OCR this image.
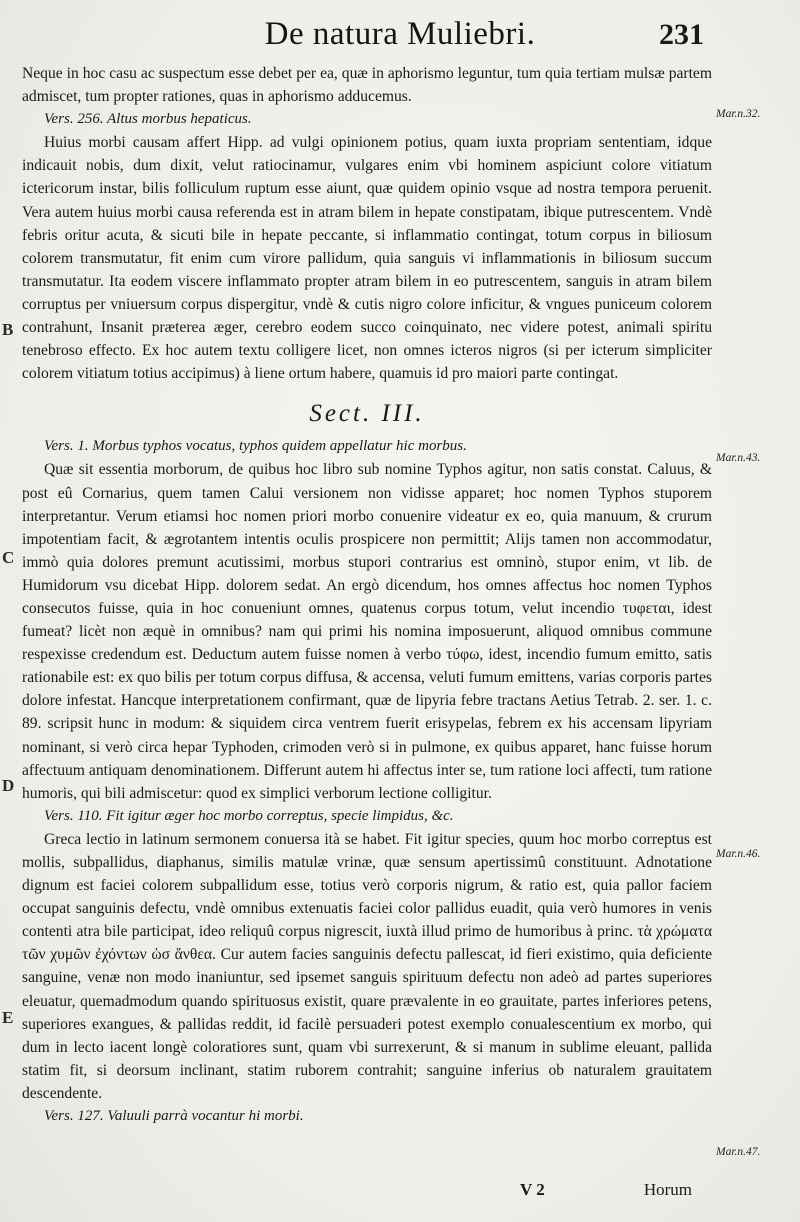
De natura Muliebri.	231

Neque in hoc casu ac suspectum esse debet per ea, quæ in aphorismo leguntur, tum quia tertiam mulsæ partem admiscet, tum propter rationes, quas in aphorismo adducemus.

Vers. 256. Altus morbus hepaticus.

Huius morbi causam affert Hipp. ad vulgi opinionem potius, quam iuxta propriam sententiam, idque indicauit nobis, dum dixit, velut ratiocinamur, vulgares enim vbi hominem aspiciunt colore vitiatum ictericorum instar, bilis folliculum ruptum esse aiunt, quæ quidem opinio vsque ad nostra tempora peruenit. Vera autem huius morbi causa referenda est in atram bilem in hepate constipatam, ibique putrescentem. Vndè febris oritur acuta, & sicuti bile in hepate peccante, si inflammatio contingat, totum corpus in biliosum colorem transmutatur, fit enim cum virore pallidum, quia sanguis vi inflammationis in biliosum succum transmutatur. Ita eodem viscere inflammato propter atram bilem in eo putrescentem, sanguis in atram bilem corruptus per vniuersum corpus dispergitur, vndè & cutis nigro colore inficitur, & vngues puniceum colorem contrahunt, Insanit præterea æger, cerebro eodem succo coinquinato, nec videre potest, animali spiritu tenebroso effecto. Ex hoc autem textu colligere licet, non omnes icteros nigros (si per icterum simpliciter colorem vitiatum totius accipimus) à liene ortum habere, quamuis id pro maiori parte contingat.

Sect. III.

Vers. 1. Morbus typhos vocatus, typhos quidem appellatur hic morbus.

Quæ sit essentia morborum, de quibus hoc libro sub nomine Typhos agitur, non satis constat. Caluus, & post eû Cornarius, quem tamen Calui versionem non vidisse apparet; hoc nomen Typhos stuporem interpretantur. Verum etiamsi hoc nomen priori morbo conuenire videatur ex eo, quia manuum, & crurum impotentiam facit, & ægrotantem intentis oculis prospicere non permittit; Alijs tamen non accommodatur, immò quia dolores premunt acutissimi, morbus stupori contrarius est omninò, stupor enim, vt lib. de Humidorum vsu dicebat Hipp. dolorem sedat. An ergò dicendum, hos omnes affectus hoc nomen Typhos consecutos fuisse, quia in hoc conueniunt omnes, quatenus corpus totum, velut incendio τυφεται, idest fumeat? licèt non æquè in omnibus? nam qui primi his nomina imposuerunt, aliquod omnibus commune respexisse credendum est. Deductum autem fuisse nomen à verbo τύφω, idest, incendio fumum emitto, satis rationabile est: ex quo bilis per totum corpus diffusa, & accensa, veluti fumum emittens, varias corporis partes dolore infestat. Hancque interpretationem confirmant, quæ de lipyria febre tractans Aetius Tetrab. 2. ser. 1. c. 89. scripsit hunc in modum: & siquidem circa ventrem fuerit erisypelas, febrem ex his accensam lipyriam nominant, si verò circa hepar Typhoden, crimoden verò si in pulmone, ex quibus apparet, hanc fuisse horum affectuum antiquam denominationem. Differunt autem hi affectus inter se, tum ratione loci affecti, tum ratione humoris, qui bili admiscetur: quod ex simplici verborum lectione colligitur.

Vers. 110. Fit igitur æger hoc morbo correptus, specie limpidus, &c.

Greca lectio in latinum sermonem conuersa ità se habet. Fit igitur species, quum hoc morbo correptus est mollis, subpallidus, diaphanus, similis matulæ vrinæ, quæ sensum apertissimû constituunt. Adnotatione dignum est faciei colorem subpallidum esse, totius verò corporis nigrum, & ratio est, quia pallor faciem occupat sanguinis defectu, vndè omnibus extenuatis faciei color pallidus euadit, quia verò humores in venis contenti atra bile participat, ideo reliquû corpus nigrescit, iuxtà illud primo de humoribus à princ. τὰ χρώματα τῶν χυμῶν ἐχόντων ὡσ ἄνθεα. Cur autem facies sanguinis defectu pallescat, id fieri existimo, quia deficiente sanguine, venæ non modo inaniuntur, sed ipsemet sanguis spirituum defectu non adeò ad partes superiores eleuatur, quemadmodum quando spirituosus existit, quare prævalente in eo grauitate, partes inferiores petens, superiores exangues, & pallidas reddit, id facilè persuaderi potest exemplo conualescentium ex morbo, qui dum in lecto iacent longè coloratiores sunt, quam vbi surrexerunt, & si manum in sublime eleuant, pallida statim fit, si deorsum inclinant, statim ruborem contrahit; sanguine inferius ob naturalem grauitatem descendente.

Vers. 127. Valuuli parrà vocantur hi morbi.

Mar.n.32.
Mar.n.43.
Mar.n.46.
Mar.n.47.
B
C
D
E
V 2	Horum
